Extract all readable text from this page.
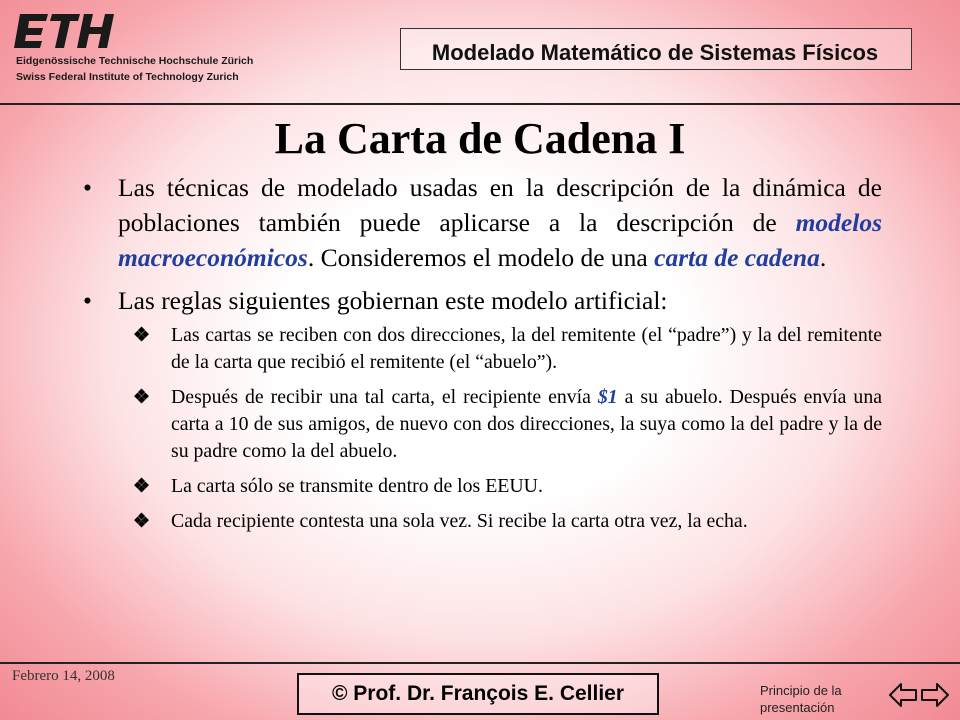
Eidgenössische Technische Hochschule Zürich
Swiss Federal Institute of Technology Zurich
Modelado Matemático de Sistemas Físicos
La Carta de Cadena I
• Las técnicas de modelado usadas en la descripción de la dinámica de poblaciones también puede aplicarse a la descripción de modelos macroeconómicos. Consideremos el modelo de una carta de cadena.
• Las reglas siguientes gobiernan este modelo artificial:
❖ Las cartas se reciben con dos direcciones, la del remitente (el “padre”) y la del remitente de la carta que recibió el remitente (el “abuelo”).
❖ Después de recibir una tal carta, el recipiente envía $1 a su abuelo. Después envía una carta a 10 de sus amigos, de nuevo con dos direcciones, la suya como la del padre y la de su padre como la del abuelo.
❖ La carta sólo se transmite dentro de los EEUU.
❖ Cada recipiente contesta una sola vez. Si recibe la carta otra vez, la echa.
Febrero 14, 2008
© Prof. Dr. François E. Cellier	Principio de la presentación
